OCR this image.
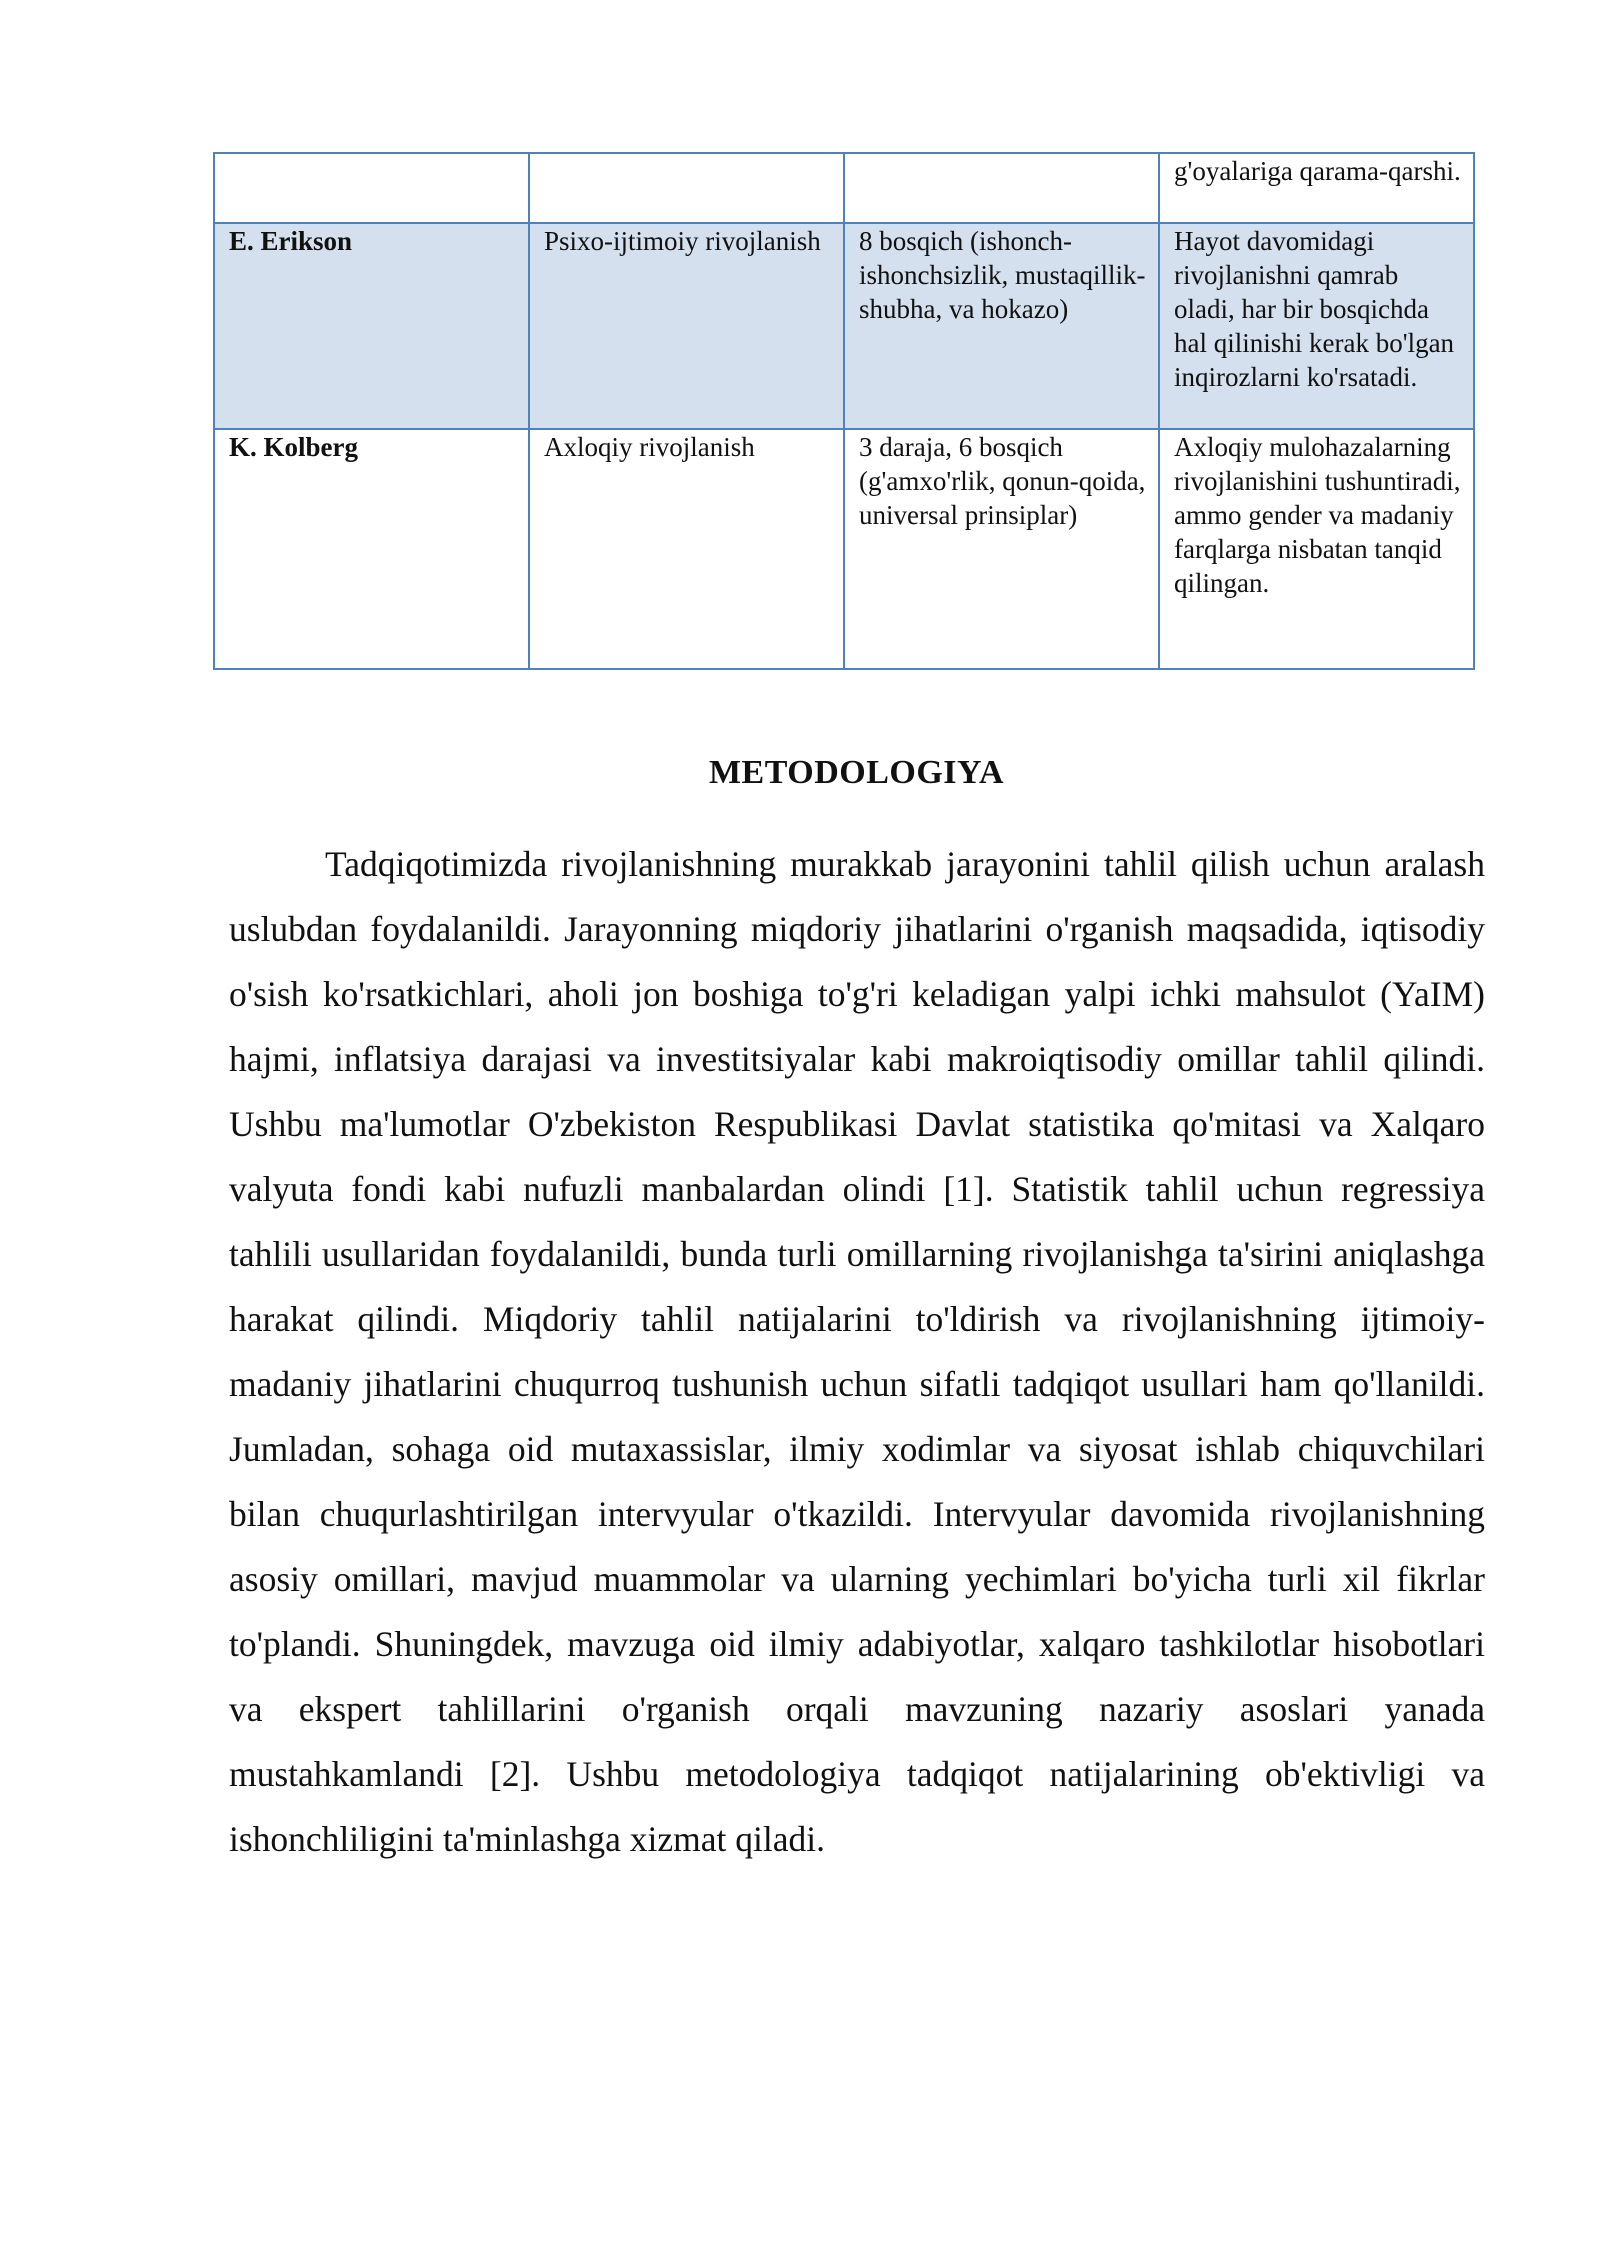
			g'oyalariga qarama-qarshi.
E. Erikson	Psixo-ijtimoiy rivojlanish	8 bosqich (ishonch-ishonchsizlik, mustaqillik-shubha, va hokazo)	Hayot davomidagi rivojlanishni qamrab oladi, har bir bosqichda hal qilinishi kerak bo'lgan inqirozlarni ko'rsatadi.
K. Kolberg	Axloqiy rivojlanish	3 daraja, 6 bosqich (g'amxo'rlik, qonun-qoida, universal prinsiplar)	Axloqiy mulohazalarning rivojlanishini tushuntiradi, ammo gender va madaniy farqlarga nisbatan tanqid qilingan.
METODOLOGIYA

Tadqiqotimizda rivojlanishning murakkab jarayonini tahlil qilish uchun aralash uslubdan foydalanildi. Jarayonning miqdoriy jihatlarini o'rganish maqsadida, iqtisodiy o'sish ko'rsatkichlari, aholi jon boshiga to'g'ri keladigan yalpi ichki mahsulot (YaIM) hajmi, inflatsiya darajasi va investitsiyalar kabi makroiqtisodiy omillar tahlil qilindi. Ushbu ma'lumotlar O'zbekiston Respublikasi Davlat statistika qo'mitasi va Xalqaro valyuta fondi kabi nufuzli manbalardan olindi [1]. Statistik tahlil uchun regressiya tahlili usullaridan foydalanildi, bunda turli omillarning rivojlanishga ta'sirini aniqlashga harakat qilindi. Miqdoriy tahlil natijalarini to'ldirish va rivojlanishning ijtimoiy-madaniy jihatlarini chuqurroq tushunish uchun sifatli tadqiqot usullari ham qo'llanildi. Jumladan, sohaga oid mutaxassislar, ilmiy xodimlar va siyosat ishlab chiquvchilari bilan chuqurlashtirilgan intervyular o'tkazildi. Intervyular davomida rivojlanishning asosiy omillari, mavjud muammolar va ularning yechimlari bo'yicha turli xil fikrlar to'plandi. Shuningdek, mavzuga oid ilmiy adabiyotlar, xalqaro tashkilotlar hisobotlari va ekspert tahlillarini o'rganish orqali mavzuning nazariy asoslari yanada mustahkamlandi [2]. Ushbu metodologiya tadqiqot natijalarining ob'ektivligi va ishonchliligini ta'minlashga xizmat qiladi.
